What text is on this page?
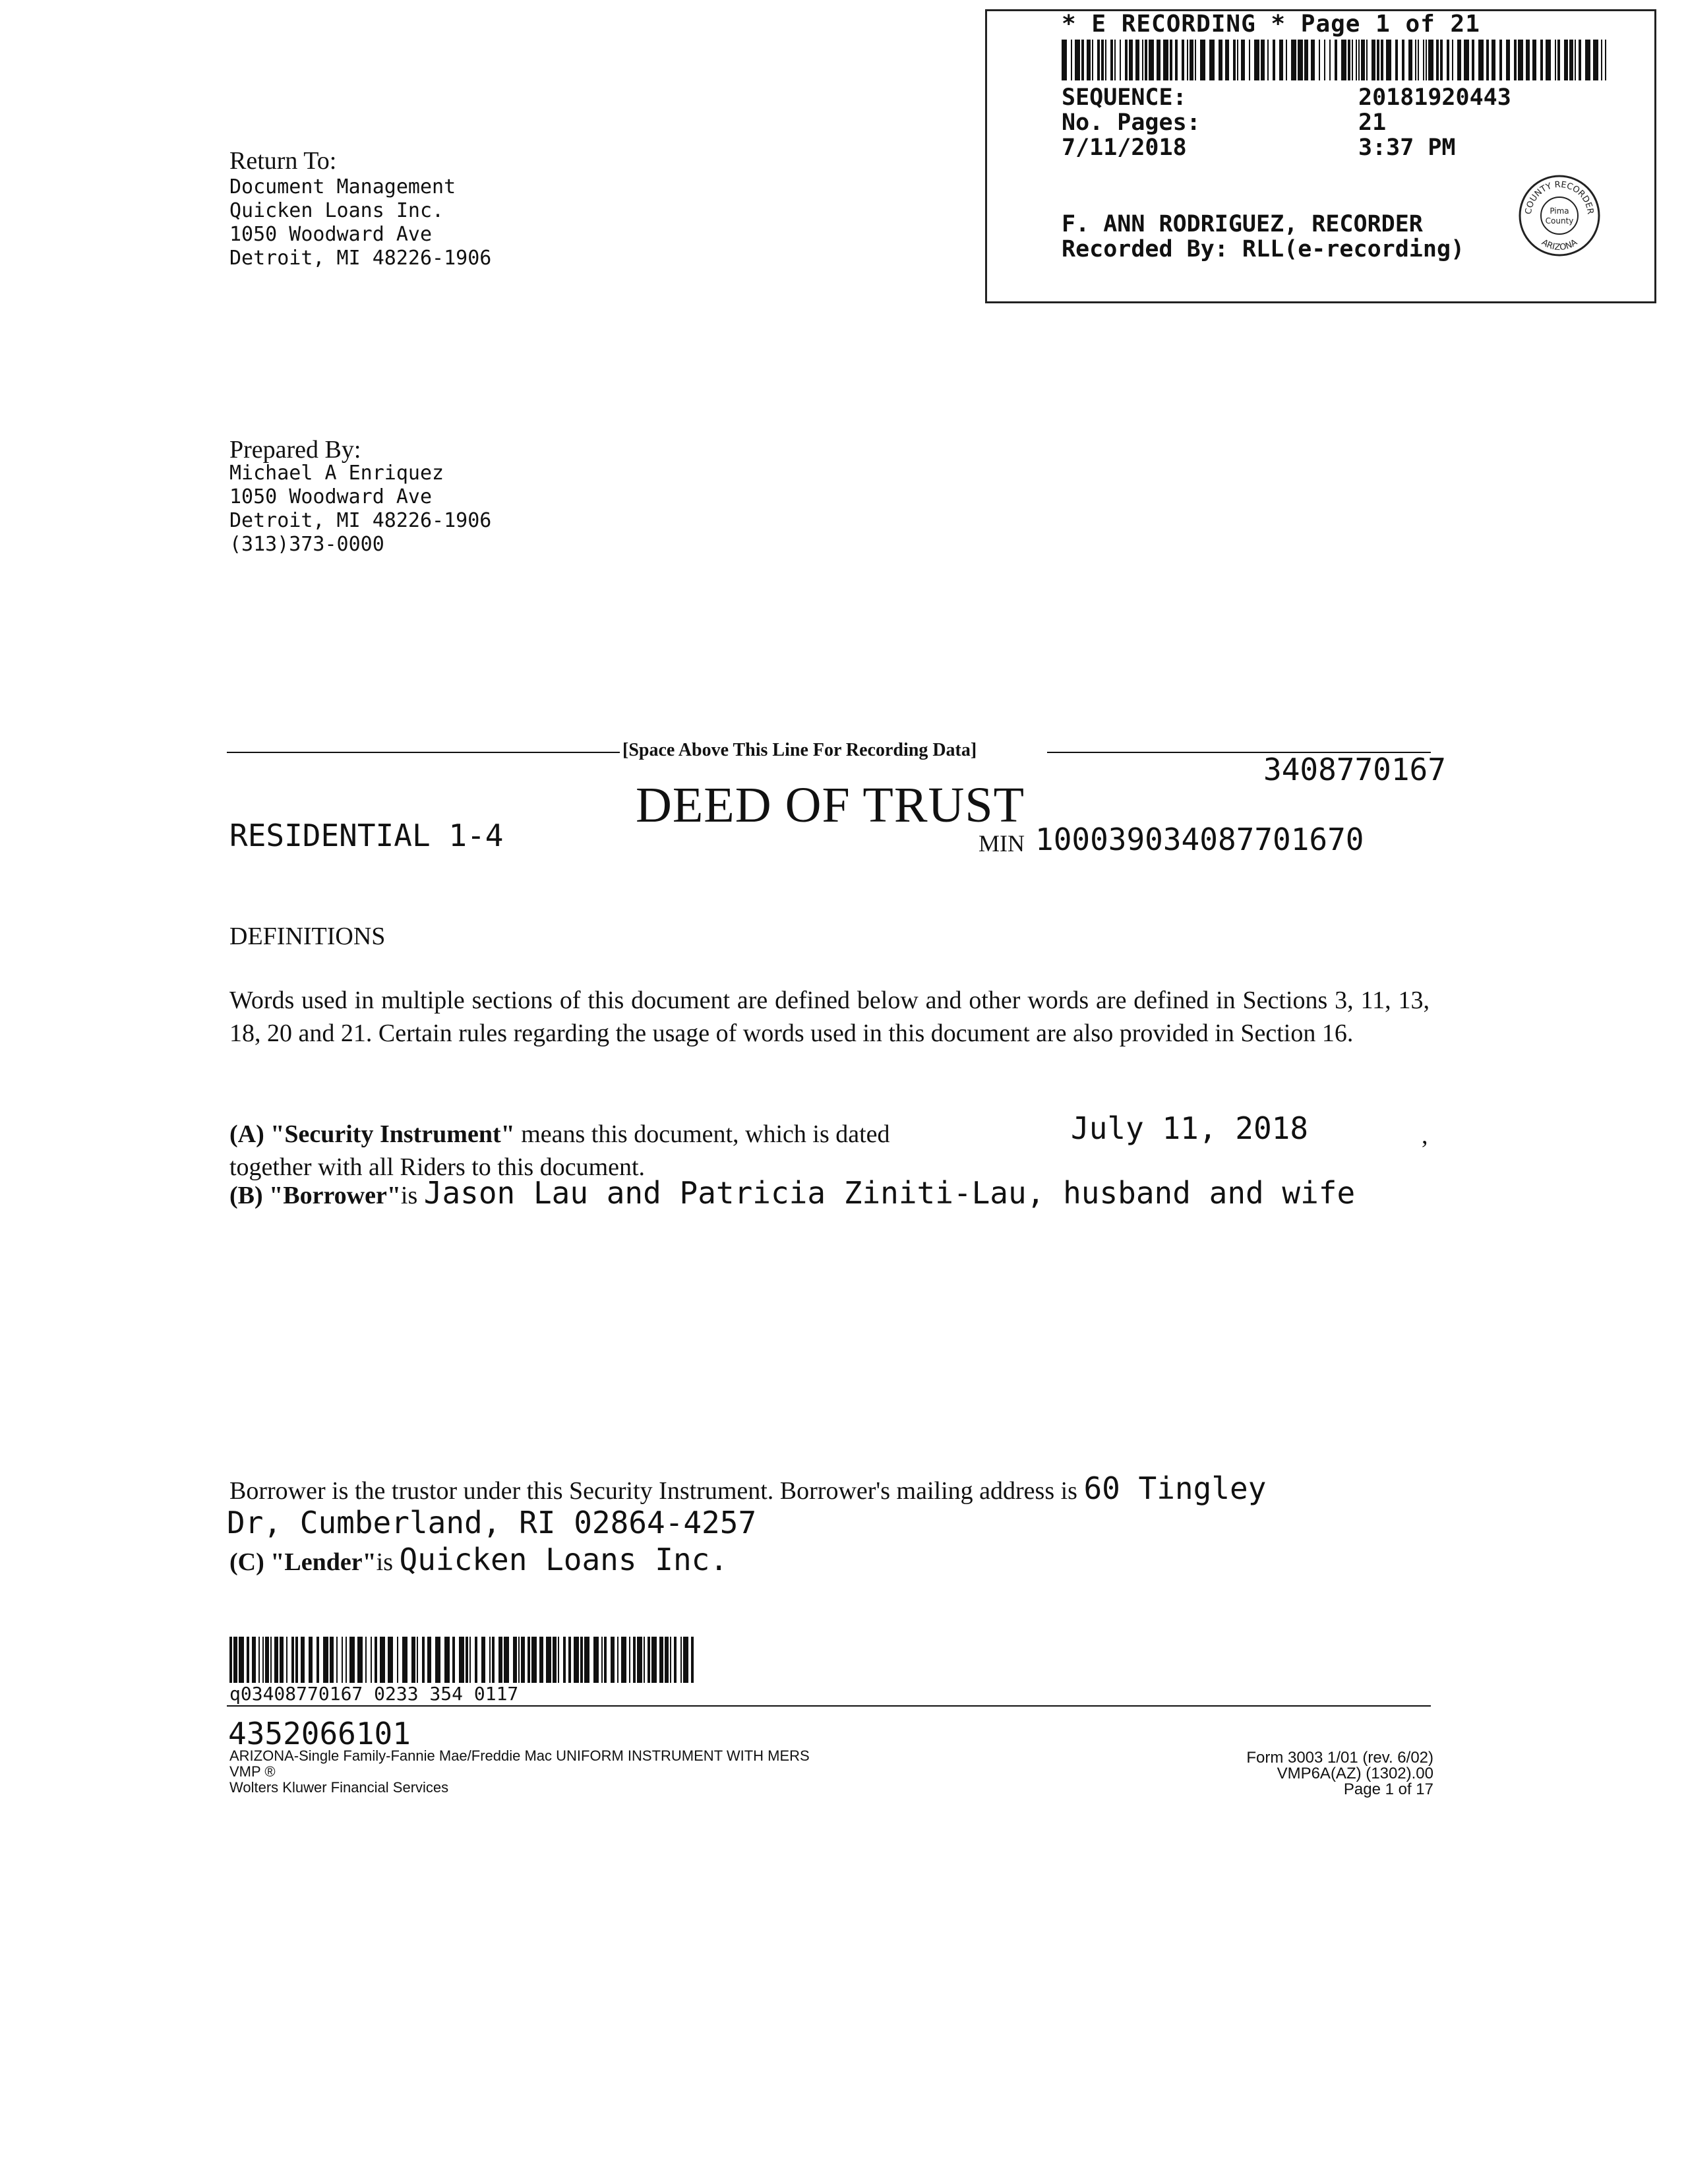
* E RECORDING * Page 1 of 21
SEQUENCE:	20181920443
No. Pages:	21
7/11/2018	3:37 PM
F. ANN RODRIGUEZ, RECORDER
Recorded By: RLL(e-recording)
COUNTY RECORDER
ARIZONA
Pima
County
Return To:
Document Management
Quicken Loans Inc.
1050 Woodward Ave
Detroit, MI 48226-1906
Prepared By:
Michael A Enriquez
1050 Woodward Ave
Detroit, MI 48226-1906
(313)373-0000
[Space Above This Line For Recording Data]
3408770167
DEED OF TRUST
RESIDENTIAL 1-4	MIN 100039034087701670
DEFINITIONS
Words used in multiple sections of this document are defined below and other words are defined in Sections 3, 11, 13, 18, 20 and 21. Certain rules regarding the usage of words used in this document are also provided in Section 16.
(A) "Security Instrument" means this document, which is dated	July 11, 2018	,
together with all Riders to this document.
(B) "Borrower"is Jason Lau and Patricia Ziniti-Lau, husband and wife
Borrower is the trustor under this Security Instrument. Borrower's mailing address is 60 Tingley
Dr, Cumberland, RI 02864-4257
(C) "Lender"is Quicken Loans Inc.
q03408770167 0233 354 0117
4352066101
ARIZONA-Single Family-Fannie Mae/Freddie Mac UNIFORM INSTRUMENT WITH MERS
VMP ®
Wolters Kluwer Financial Services
Form 3003 1/01 (rev. 6/02)
VMP6A(AZ) (1302).00
Page 1 of 17
